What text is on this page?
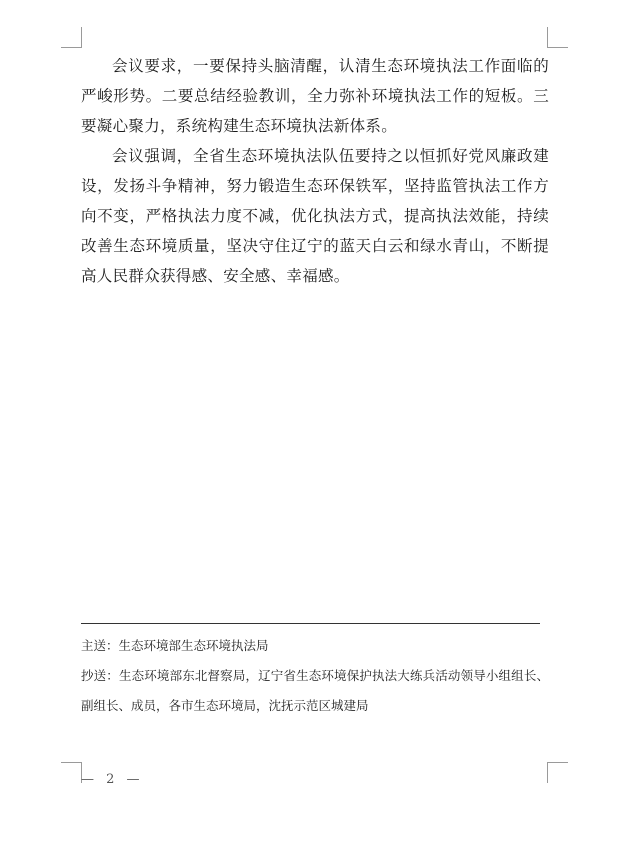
会议要求，一要保持头脑清醒，认清生态环境执法工作面临的严峻形势。二要总结经验教训，全力弥补环境执法工作的短板。三要凝心聚力，系统构建生态环境执法新体系。

会议强调，全省生态环境执法队伍要持之以恒抓好党风廉政建设，发扬斗争精神，努力锻造生态环保铁军，坚持监管执法工作方向不变，严格执法力度不减，优化执法方式，提高执法效能，持续改善生态环境质量，坚决守住辽宁的蓝天白云和绿水青山，不断提高人民群众获得感、安全感、幸福感。

主送：生态环境部生态环境执法局

抄送：生态环境部东北督察局，辽宁省生态环境保护执法大练兵活动领导小组组长、副组长、成员，各市生态环境局，沈抚示范区城建局

— 2 —
